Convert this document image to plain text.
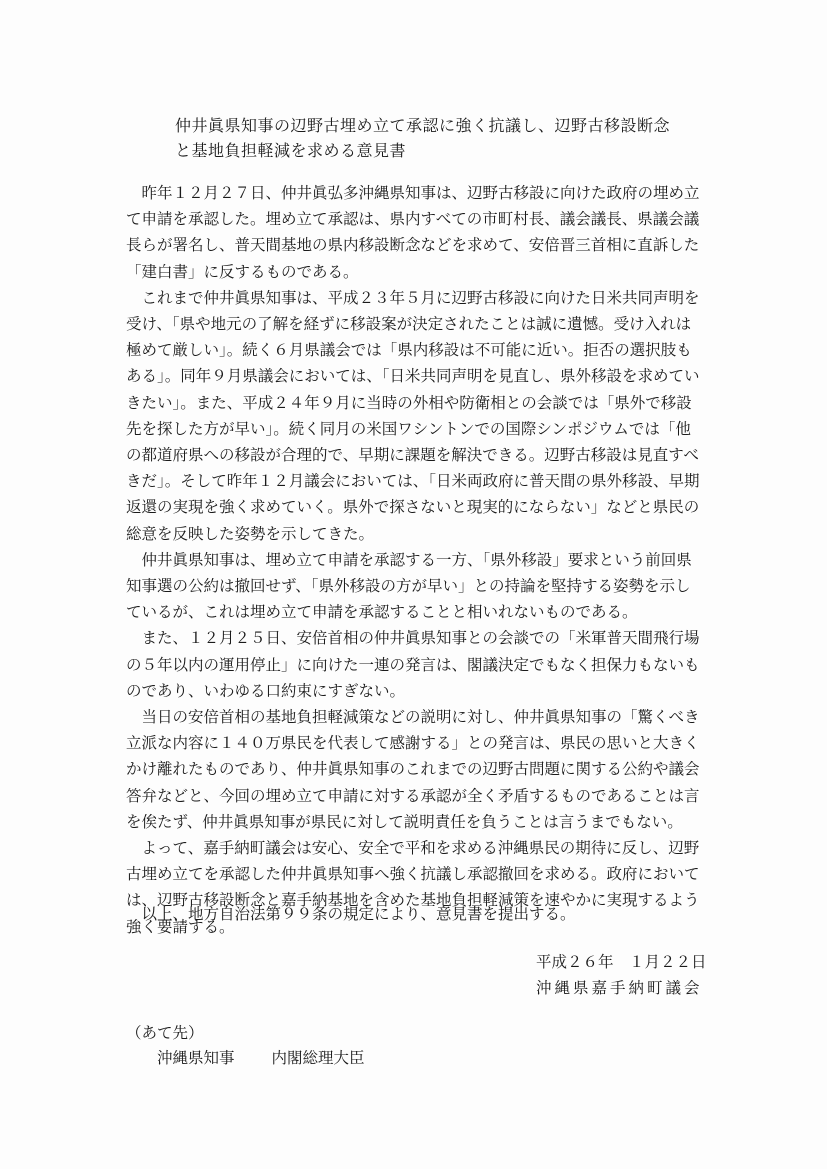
仲井眞県知事の辺野古埋め立て承認に強く抗議し、辺野古移設断念
と基地負担軽減を求める意見書

　昨年１２月２７日、仲井眞弘多沖縄県知事は、辺野古移設に向けた政府の埋め立
て申請を承認した。埋め立て承認は、県内すべての市町村長、議会議長、県議会議
長らが署名し、普天間基地の県内移設断念などを求めて、安倍晋三首相に直訴した
「建白書」に反するものである。

　これまで仲井眞県知事は、平成２３年５月に辺野古移設に向けた日米共同声明を
受け、「県や地元の了解を経ずに移設案が決定されたことは誠に遺憾。受け入れは
極めて厳しい」。続く６月県議会では「県内移設は不可能に近い。拒否の選択肢も
ある」。同年９月県議会においては、「日米共同声明を見直し、県外移設を求めてい
きたい」。また、平成２４年９月に当時の外相や防衛相との会談では「県外で移設
先を探した方が早い」。続く同月の米国ワシントンでの国際シンポジウムでは「他
の都道府県への移設が合理的で、早期に課題を解決できる。辺野古移設は見直すべ
きだ」。そして昨年１２月議会においては、「日米両政府に普天間の県外移設、早期
返還の実現を強く求めていく。県外で探さないと現実的にならない」などと県民の
総意を反映した姿勢を示してきた。

　仲井眞県知事は、埋め立て申請を承認する一方、「県外移設」要求という前回県
知事選の公約は撤回せず、「県外移設の方が早い」との持論を堅持する姿勢を示し
ているが、これは埋め立て申請を承認することと相いれないものである。

　また、１２月２５日、安倍首相の仲井眞県知事との会談での「米軍普天間飛行場
の５年以内の運用停止」に向けた一連の発言は、閣議決定でもなく担保力もないも
のであり、いわゆる口約束にすぎない。

　当日の安倍首相の基地負担軽減策などの説明に対し、仲井眞県知事の「驚くべき
立派な内容に１４０万県民を代表して感謝する」との発言は、県民の思いと大きく
かけ離れたものであり、仲井眞県知事のこれまでの辺野古問題に関する公約や議会
答弁などと、今回の埋め立て申請に対する承認が全く矛盾するものであることは言
を俟たず、仲井眞県知事が県民に対して説明責任を負うことは言うまでもない。

　よって、嘉手納町議会は安心、安全で平和を求める沖縄県民の期待に反し、辺野
古埋め立てを承認した仲井眞県知事へ強く抗議し承認撤回を求める。政府において
は、辺野古移設断念と嘉手納基地を含めた基地負担軽減策を速やかに実現するよう
強く要請する。

　以上、地方自治法第９９条の規定により、意見書を提出する。
平成２６年　１月２２日
沖縄県嘉手納町議会
（あて先）
沖縄県知事 内閣総理大臣
